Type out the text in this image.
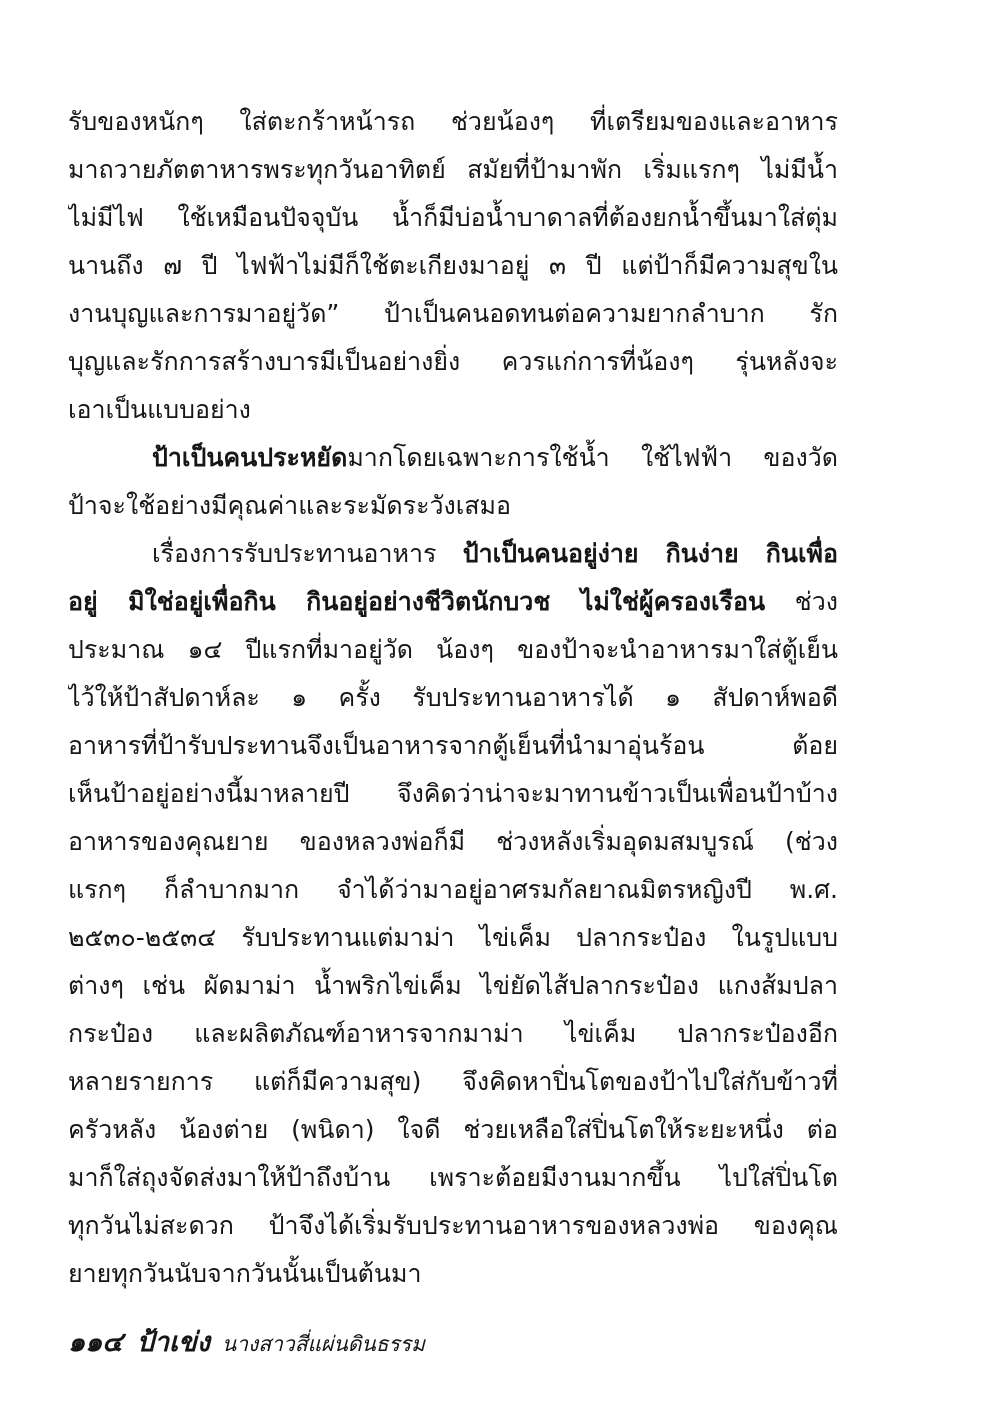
รับของหนักๆ ใส่ตะกร้าหน้ารถ ช่วยน้องๆ ที่เตรียมของและอาหาร
มาถวายภัตตาหารพระทุกวันอาทิตย์ สมัยที่ป้ามาพัก เริ่มแรกๆ ไม่มีน้ำ
ไม่มีไฟ ใช้เหมือนปัจจุบัน น้ำก็มีบ่อน้ำบาดาลที่ต้องยกน้ำขึ้นมาใส่ตุ่ม
นานถึง ๗ ปี ไฟฟ้าไม่มีก็ใช้ตะเกียงมาอยู่ ๓ ปี แต่ป้าก็มีความสุขใน
งานบุญและการมาอยู่วัด” ป้าเป็นคนอดทนต่อความยากลำบาก รัก
บุญและรักการสร้างบารมีเป็นอย่างยิ่ง ควรแก่การที่น้องๆ รุ่นหลังจะ
เอาเป็นแบบอย่าง
ป้าเป็นคนประหยัดมากโดยเฉพาะการใช้น้ำ ใช้ไฟฟ้า ของวัด
ป้าจะใช้อย่างมีคุณค่าและระมัดระวังเสมอ
เรื่องการรับประทานอาหาร ป้าเป็นคนอยู่ง่าย กินง่าย กินเพื่อ
อยู่ มิใช่อยู่เพื่อกิน กินอยู่อย่างชีวิตนักบวช ไม่ใช่ผู้ครองเรือน ช่วง
ประมาณ ๑๔ ปีแรกที่มาอยู่วัด น้องๆ ของป้าจะนำอาหารมาใส่ตู้เย็น
ไว้ให้ป้าสัปดาห์ละ ๑ ครั้ง รับประทานอาหารได้ ๑ สัปดาห์พอดี
อาหารที่ป้ารับประทานจึงเป็นอาหารจากตู้เย็นที่นำมาอุ่นร้อน ต้อย
เห็นป้าอยู่อย่างนี้มาหลายปี จึงคิดว่าน่าจะมาทานข้าวเป็นเพื่อนป้าบ้าง
อาหารของคุณยาย ของหลวงพ่อก็มี ช่วงหลังเริ่มอุดมสมบูรณ์ (ช่วง
แรกๆ ก็ลำบากมาก จำได้ว่ามาอยู่อาศรมกัลยาณมิตรหญิงปี พ.ศ.
๒๕๓๐-๒๕๓๔ รับประทานแต่มาม่า ไข่เค็ม ปลากระป๋อง ในรูปแบบ
ต่างๆ เช่น ผัดมาม่า น้ำพริกไข่เค็ม ไข่ยัดไส้ปลากระป๋อง แกงส้มปลา
กระป๋อง และผลิตภัณฑ์อาหารจากมาม่า ไข่เค็ม ปลากระป๋องอีก
หลายรายการ แต่ก็มีความสุข) จึงคิดหาปิ่นโตของป้าไปใส่กับข้าวที่
ครัวหลัง น้องต่าย (พนิดา) ใจดี ช่วยเหลือใส่ปิ่นโตให้ระยะหนึ่ง ต่อ
มาก็ใส่ถุงจัดส่งมาให้ป้าถึงบ้าน เพราะต้อยมีงานมากขึ้น ไปใส่ปิ่นโต
ทุกวันไม่สะดวก ป้าจึงได้เริ่มรับประทานอาหารของหลวงพ่อ ของคุณ
ยายทุกวันนับจากวันนั้นเป็นต้นมา
๑๑๔ ป้าเข่ง นางสาวสี่แผ่นดินธรรม
